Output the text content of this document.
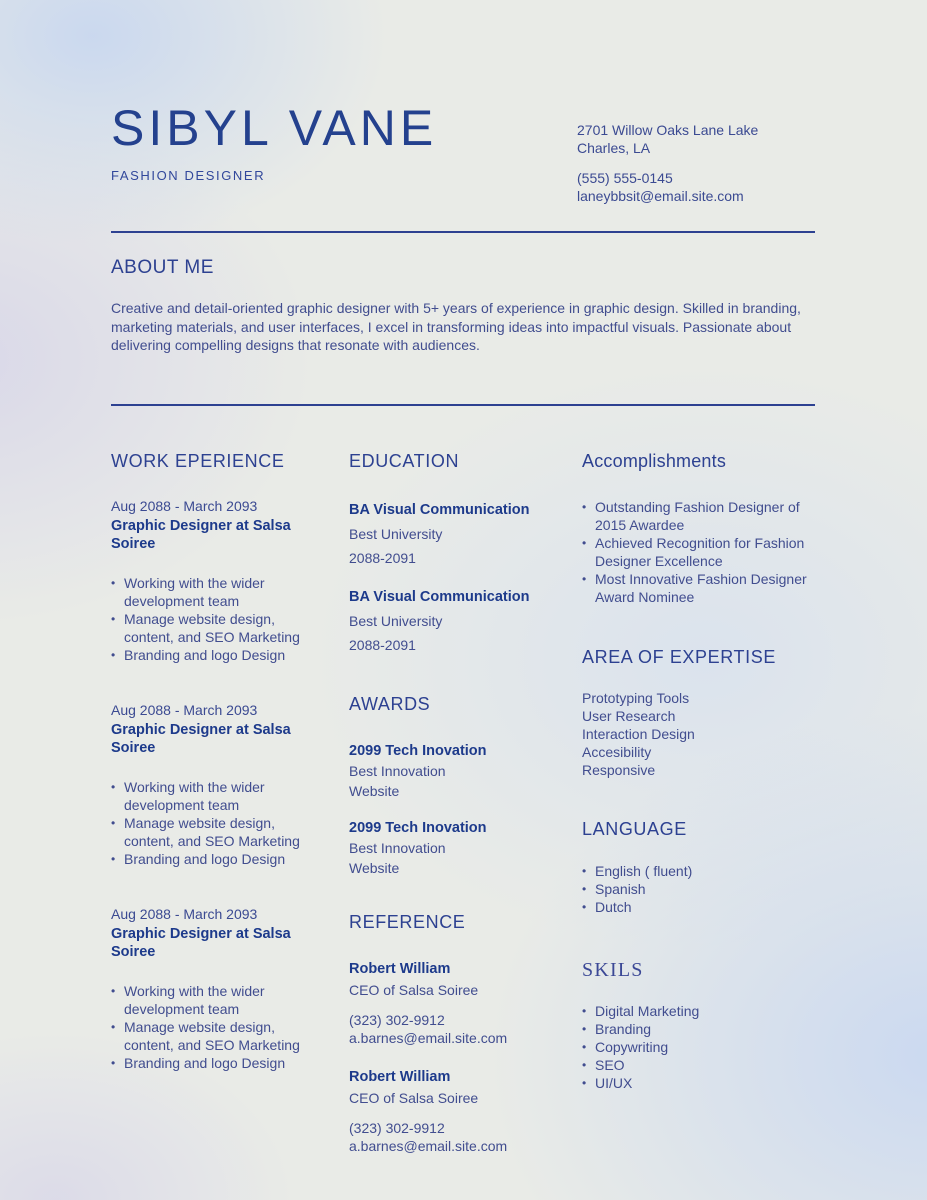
SIBYL VANE
FASHION DESIGNER
2701 Willow Oaks Lane Lake
Charles, LA
(555) 555-0145
laneybbsit@email.site.com
ABOUT ME

Creative and detail-oriented graphic designer with 5+ years of experience in graphic design. Skilled in branding, marketing materials, and user interfaces, I excel in transforming ideas into impactful visuals. Passionate about delivering compelling designs that resonate with audiences.

WORK EPERIENCE
Aug 2088 - March 2093
Graphic Designer at Salsa Soiree
• Working with the wider development team
• Manage website design, content, and SEO Marketing
• Branding and logo Design
Aug 2088 - March 2093
Graphic Designer at Salsa Soiree
• Working with the wider development team
• Manage website design, content, and SEO Marketing
• Branding and logo Design
Aug 2088 - March 2093
Graphic Designer at Salsa Soiree
• Working with the wider development team
• Manage website design, content, and SEO Marketing
• Branding and logo Design
EDUCATION
BA Visual Communication
Best University
2088-2091
BA Visual Communication
Best University
2088-2091
AWARDS
2099 Tech Inovation
Best Innovation
Website
2099 Tech Inovation
Best Innovation
Website
REFERENCE
Robert William
CEO of Salsa Soiree
(323) 302-9912
a.barnes@email.site.com
Robert William
CEO of Salsa Soiree
(323) 302-9912
a.barnes@email.site.com
Accomplishments
• Outstanding Fashion Designer of 2015 Awardee
• Achieved Recognition for Fashion Designer Excellence
• Most Innovative Fashion Designer Award Nominee
AREA OF EXPERTISE
Prototyping Tools
User Research
Interaction Design
Accesibility
Responsive
LANGUAGE
• English ( fluent)
• Spanish
• Dutch
SKILS
• Digital Marketing
• Branding
• Copywriting
• SEO
• UI/UX
